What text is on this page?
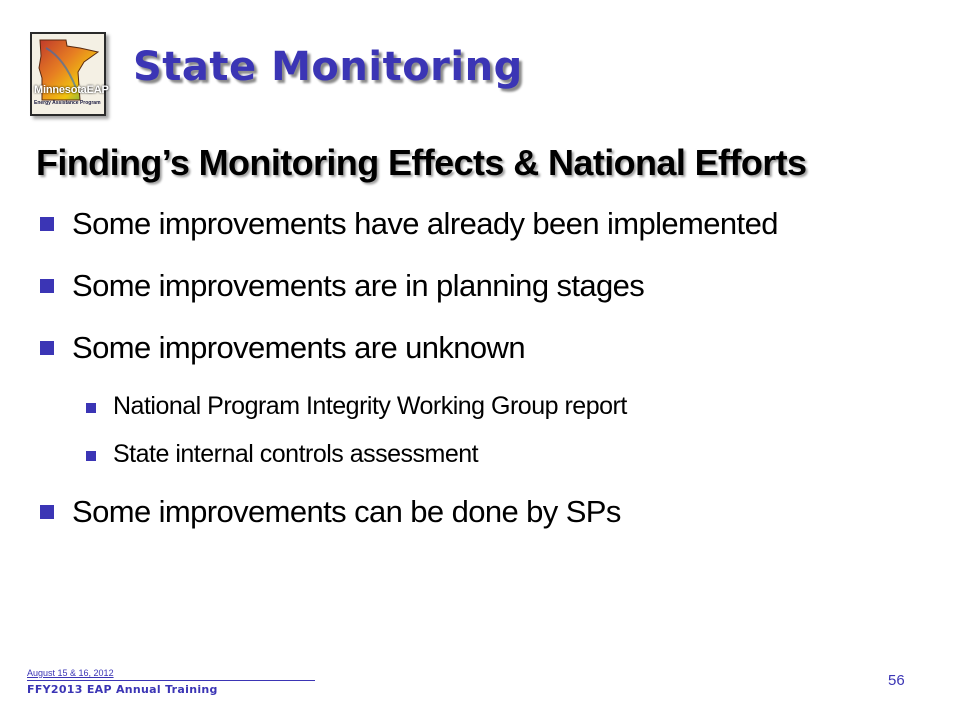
MinnesotaEAP
Energy Assistance Program
State Monitoring
Finding’s Monitoring Effects & National Efforts
Some improvements have already been implemented
Some improvements are in planning stages
Some improvements are unknown
National Program Integrity Working Group report
State internal controls assessment
Some improvements can be done by SPs
August 15 & 16, 2012
FFY2013 EAP Annual Training
56
